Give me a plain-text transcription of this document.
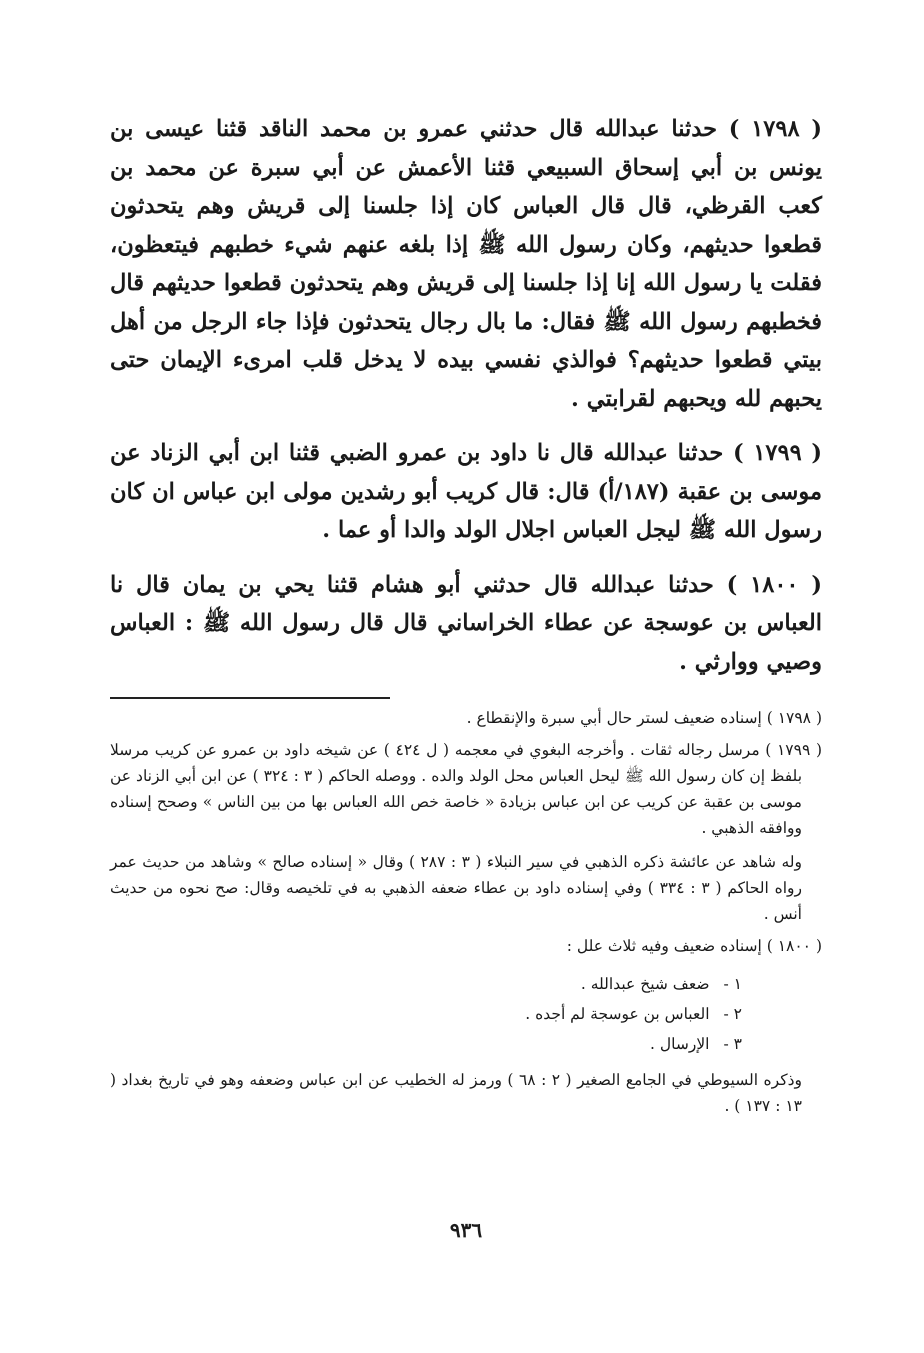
( ١٧٩٨ ) حدثنا عبدالله قال حدثني عمرو بن محمد الناقد قثنا عيسى بن يونس بن أبي إسحاق السبيعي قثنا الأعمش عن أبي سبرة عن محمد بن كعب القرظي، قال قال العباس كان إذا جلسنا إلى قريش وهم يتحدثون قطعوا حديثهم، وكان رسول الله ﷺ إذا بلغه عنهم شيء خطبهم فيتعظون، فقلت يا رسول الله إنا إذا جلسنا إلى قريش وهم يتحدثون قطعوا حديثهم قال فخطبهم رسول الله ﷺ فقال: ما بال رجال يتحدثون فإذا جاء الرجل من أهل بيتي قطعوا حديثهم؟ فوالذي نفسي بيده لا يدخل قلب امرىء الإيمان حتى يحبهم لله ويحبهم لقرابتي .

( ١٧٩٩ ) حدثنا عبدالله قال نا داود بن عمرو الضبي قثنا ابن أبي الزناد عن موسى بن عقبة (١٨٧/أ) قال: قال كريب أبو رشدين مولى ابن عباس ان كان رسول الله ﷺ ليجل العباس اجلال الولد والدا أو عما .

( ١٨٠٠ ) حدثنا عبدالله قال حدثني أبو هشام قثنا يحي بن يمان قال نا العباس بن عوسجة عن عطاء الخراساني قال قال رسول الله ﷺ : العباس وصيي ووارثي .

( ١٧٩٨ ) إسناده ضعيف لستر حال أبي سبرة والإنقطاع .

( ١٧٩٩ ) مرسل رجاله ثقات . وأخرجه البغوي في معجمه ( ل ٤٢٤ ) عن شيخه داود بن عمرو عن كريب مرسلا بلفظ إن كان رسول الله ﷺ ليحل العباس محل الولد والده . ووصله الحاكم ( ٣ : ٣٢٤ ) عن ابن أبي الزناد عن موسى بن عقبة عن كريب عن ابن عباس بزيادة « خاصة خص الله العباس بها من بين الناس » وصحح إسناده ووافقه الذهبي .

وله شاهد عن عائشة ذكره الذهبي في سير النبلاء ( ٣ : ٢٨٧ ) وقال « إسناده صالح » وشاهد من حديث عمر رواه الحاكم ( ٣ : ٣٣٤ ) وفي إسناده داود بن عطاء ضعفه الذهبي به في تلخيصه وقال: صح نحوه من حديث أنس .

( ١٨٠٠ ) إسناده ضعيف وفيه ثلاث علل :

١ -
ضعف شيخ عبدالله .
٢ -
العباس بن عوسجة لم أجده .
٣ -
الإرسال .

وذكره السيوطي في الجامع الصغير ( ٢ : ٦٨ ) ورمز له الخطيب عن ابن عباس وضعفه وهو في تاريخ بغداد ( ١٣ : ١٣٧ ) .

٩٣٦
